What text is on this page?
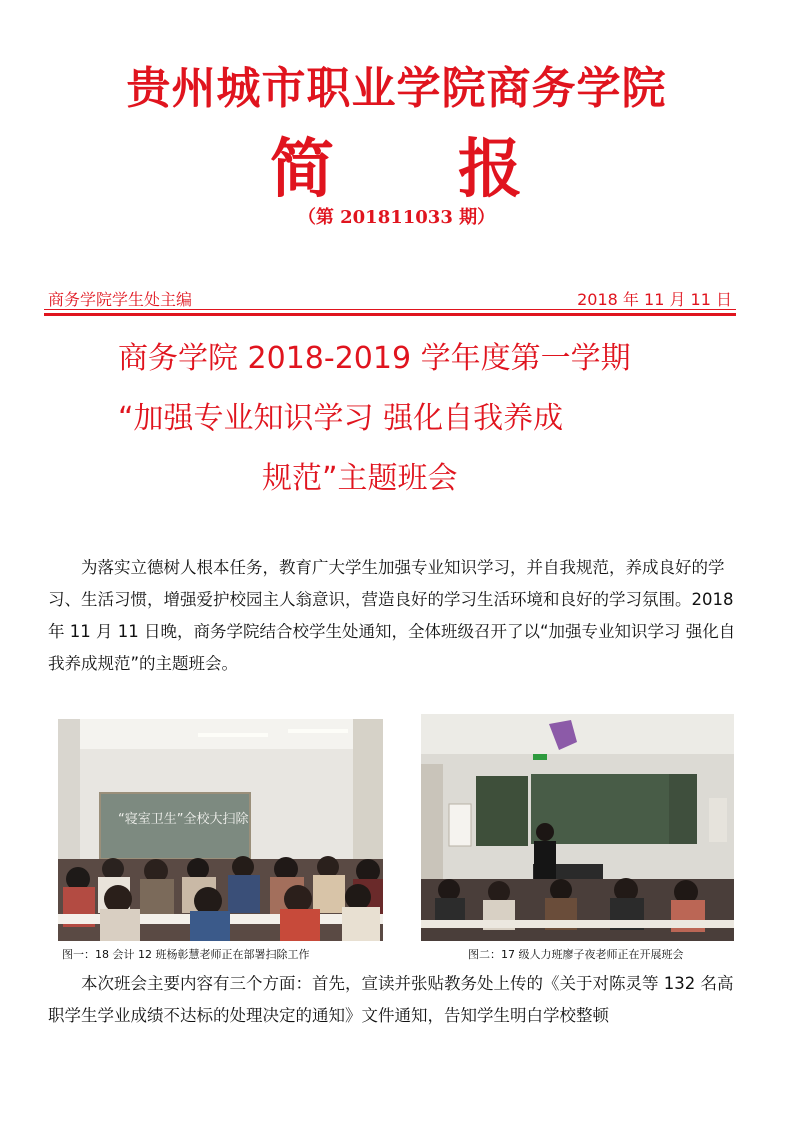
贵州城市职业学院商务学院
简 报
（第 201811033 期）
商务学院学生处主编	2018 年 11 月 11 日
商务学院 2018-2019 学年度第一学期
“加强专业知识学习 强化自我养成
规范”主题班会
为落实立德树人根本任务，教育广大学生加强专业知识学习，并自我规范，养成良好的学习、生活习惯，增强爱护校园主人翁意识，营造良好的学习生活环境和良好的学习氛围。2018 年 11 月 11 日晚，商务学院结合校学生处通知，全体班级召开了以“加强专业知识学习 强化自我养成规范”的主题班会。
“寝室卫生”全校大扫除
图一：18 会计 12 班杨彰慧老师正在部署扫除工作	图二：17 级人力班廖子夜老师正在开展班会
本次班会主要内容有三个方面：首先，宣读并张贴教务处上传的《关于对陈灵等 132 名高职学生学业成绩不达标的处理决定的通知》文件通知，告知学生明白学校整顿
